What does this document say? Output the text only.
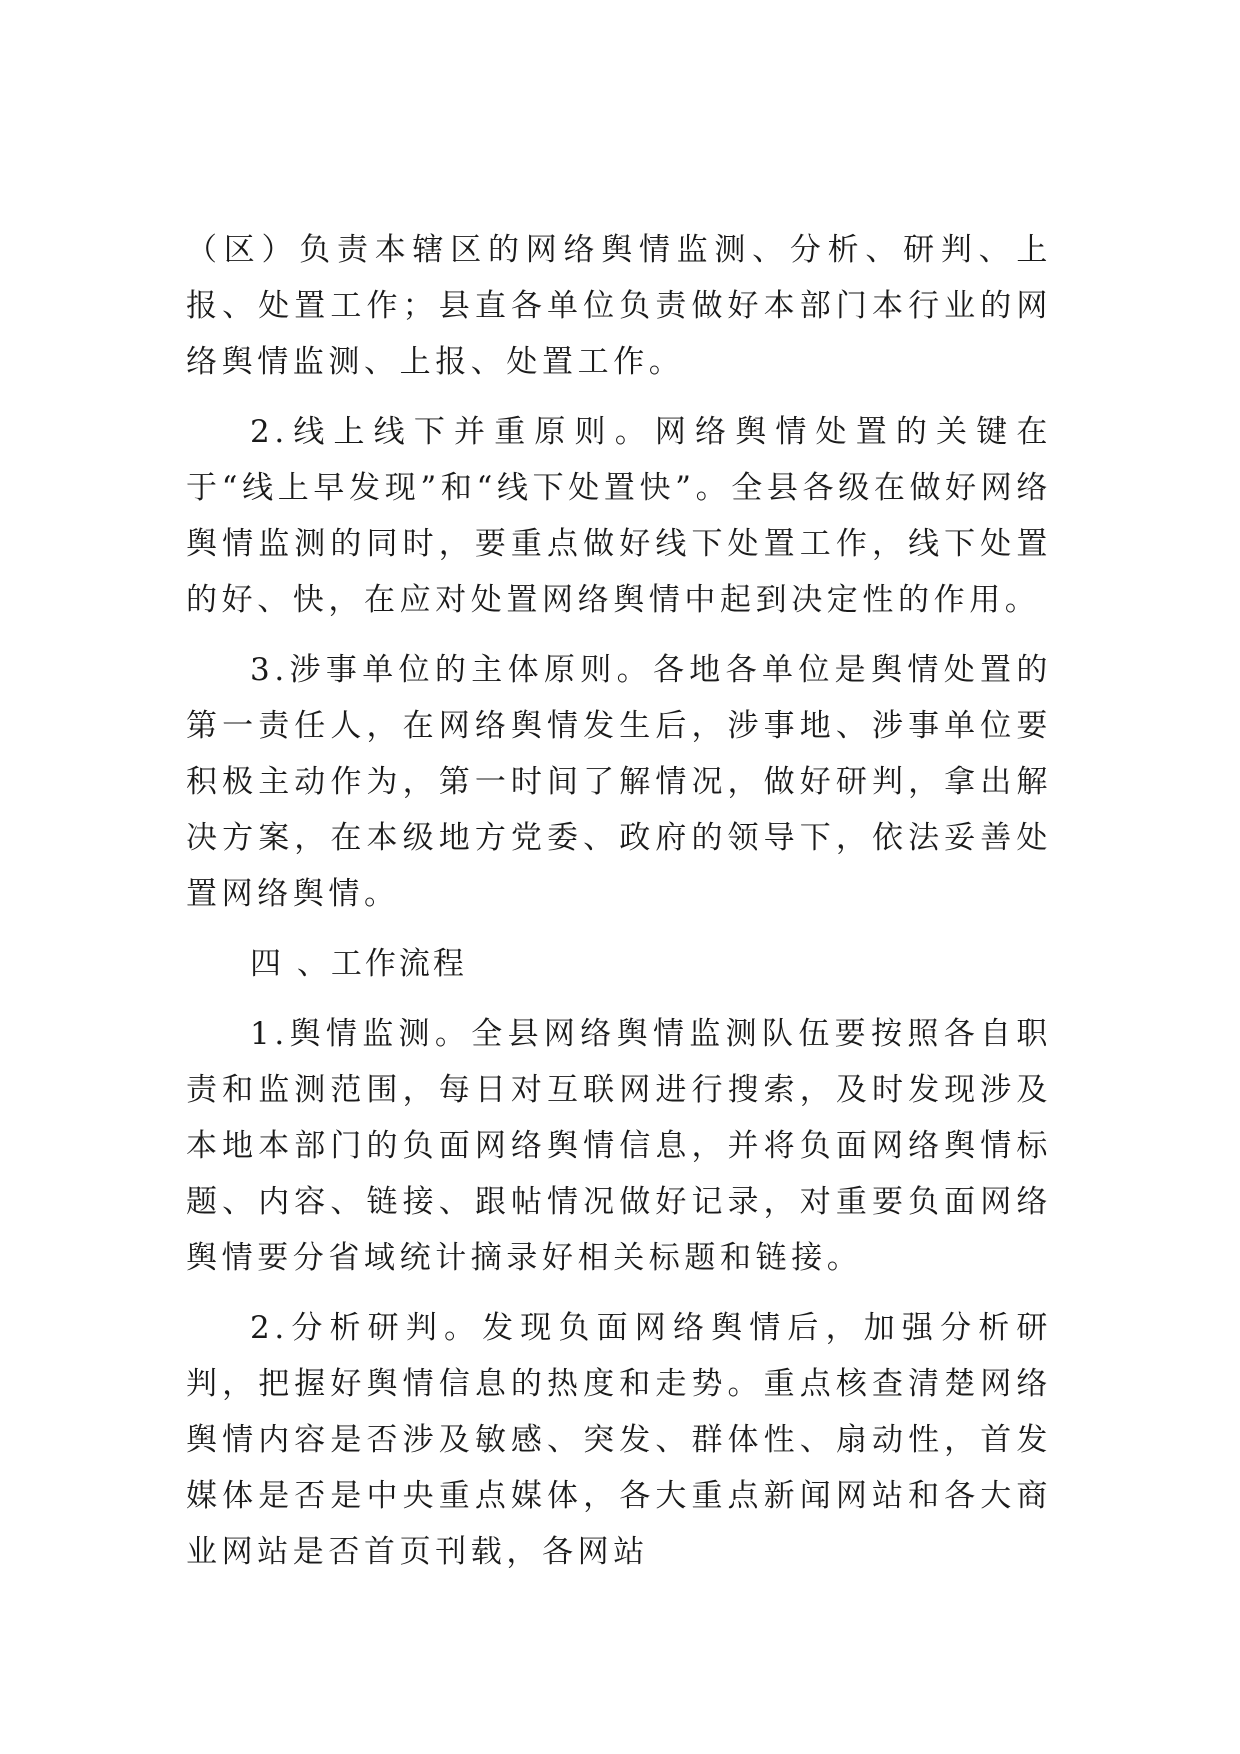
（区）负责本辖区的网络舆情监测、分析、研判、上报、处置工作；县直各单位负责做好本部门本行业的网络舆情监测、上报、处置工作。

2.线上线下并重原则。网络舆情处置的关键在于“线上早发现”和“线下处置快”。全县各级在做好网络舆情监测的同时，要重点做好线下处置工作，线下处置的好、快，在应对处置网络舆情中起到决定性的作用。

3.涉事单位的主体原则。各地各单位是舆情处置的第一责任人，在网络舆情发生后，涉事地、涉事单位要积极主动作为，第一时间了解情况，做好研判，拿出解决方案，在本级地方党委、政府的领导下，依法妥善处置网络舆情。

四 、工作流程

1.舆情监测。全县网络舆情监测队伍要按照各自职责和监测范围，每日对互联网进行搜索，及时发现涉及本地本部门的负面网络舆情信息，并将负面网络舆情标题、内容、链接、跟帖情况做好记录，对重要负面网络舆情要分省域统计摘录好相关标题和链接。

2.分析研判。发现负面网络舆情后，加强分析研判，把握好舆情信息的热度和走势。重点核查清楚网络舆情内容是否涉及敏感、突发、群体性、扇动性，首发媒体是否是中央重点媒体，各大重点新闻网站和各大商业网站是否首页刊载，各网站
